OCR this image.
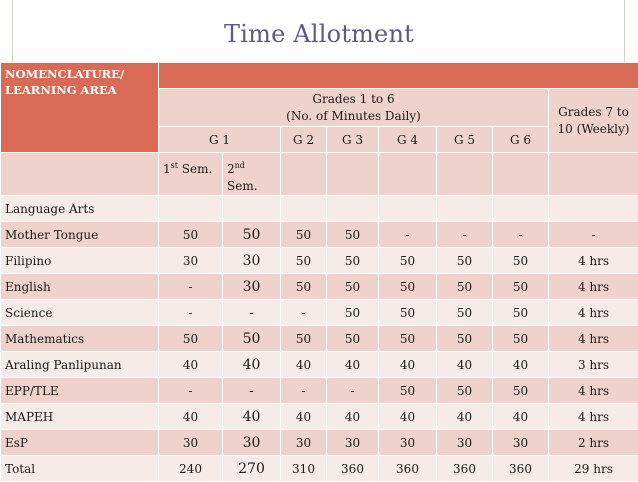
Time Allotment
NOMENCLATURE/
LEARNING AREA								
	Grades 1 to 6
(No. of Minutes Daily)							Grades 7 to
10 (Weekly)
	G 1		G 2	G 3	G 4	G 5	G 6	
	1st Sem.	2nd
Sem.						
Language Arts								
Mother Tongue	50	50	50	50	-	-	-	-
Filipino	30	30	50	50	50	50	50	4 hrs
English	-	30	50	50	50	50	50	4 hrs
Science	-	-	-	50	50	50	50	4 hrs
Mathematics	50	50	50	50	50	50	50	4 hrs
Araling Panlipunan	40	40	40	40	40	40	40	3 hrs
EPP/TLE	-	-	-	-	50	50	50	4 hrs
MAPEH	40	40	40	40	40	40	40	4 hrs
EsP	30	30	30	30	30	30	30	2 hrs
Total	240	270	310	360	360	360	360	29 hrs
